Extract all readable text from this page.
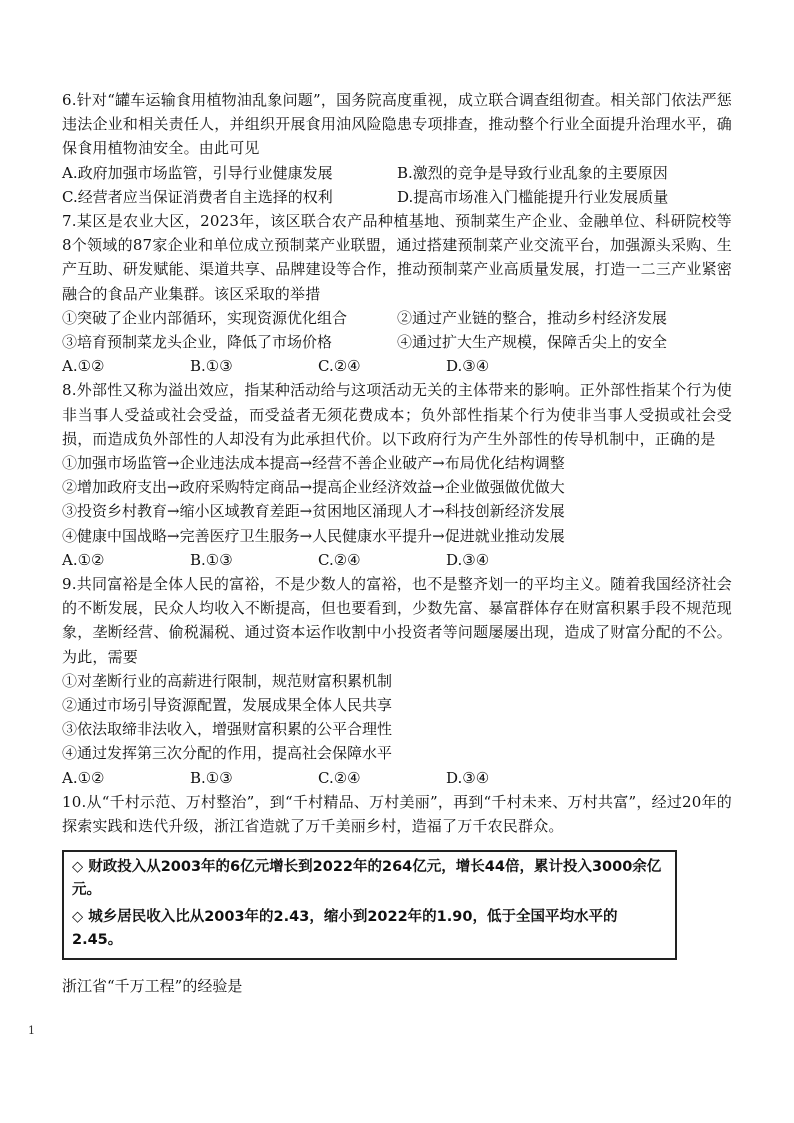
6.针对“罐车运输食用植物油乱象问题”，国务院高度重视，成立联合调查组彻查。相关部门依法严惩违法企业和相关责任人，并组织开展食用油风险隐患专项排查，推动整个行业全面提升治理水平，确保食用植物油安全。由此可见

A.政府加强市场监管，引导行业健康发展	B.激烈的竞争是导致行业乱象的主要原因
C.经营者应当保证消费者自主选择的权利	D.提高市场准入门槛能提升行业发展质量

7.某区是农业大区，2023年，该区联合农产品种植基地、预制菜生产企业、金融单位、科研院校等8个领域的87家企业和单位成立预制菜产业联盟，通过搭建预制菜产业交流平台，加强源头采购、生产互助、研发赋能、渠道共享、品牌建设等合作，推动预制菜产业高质量发展，打造一二三产业紧密融合的食品产业集群。该区采取的举措

①突破了企业内部循环，实现资源优化组合	②通过产业链的整合，推动乡村经济发展
③培育预制菜龙头企业，降低了市场价格	④通过扩大生产规模，保障舌尖上的安全
A.①②	B.①③	C.②④	D.③④

8.外部性又称为溢出效应，指某种活动给与这项活动无关的主体带来的影响。正外部性指某个行为使非当事人受益或社会受益，而受益者无须花费成本；负外部性指某个行为使非当事人受损或社会受损，而造成负外部性的人却没有为此承担代价。以下政府行为产生外部性的传导机制中，正确的是

①加强市场监管→企业违法成本提高→经营不善企业破产→布局优化结构调整

②增加政府支出→政府采购特定商品→提高企业经济效益→企业做强做优做大

③投资乡村教育→缩小区域教育差距→贫困地区涌现人才→科技创新经济发展

④健康中国战略→完善医疗卫生服务→人民健康水平提升→促进就业推动发展

A.①②	B.①③	C.②④	D.③④

9.共同富裕是全体人民的富裕，不是少数人的富裕，也不是整齐划一的平均主义。随着我国经济社会的不断发展，民众人均收入不断提高，但也要看到，少数先富、暴富群体存在财富积累手段不规范现象，垄断经营、偷税漏税、通过资本运作收割中小投资者等问题屡屡出现，造成了财富分配的不公。为此，需要

①对垄断行业的高薪进行限制，规范财富积累机制

②通过市场引导资源配置，发展成果全体人民共享

③依法取缔非法收入，增强财富积累的公平合理性

④通过发挥第三次分配的作用，提高社会保障水平

A.①②	B.①③	C.②④	D.③④

10.从“千村示范、万村整治”，到“千村精品、万村美丽”，再到“千村未来、万村共富”，经过20年的探索实践和迭代升级，浙江省造就了万千美丽乡村，造福了万千农民群众。

◇ 财政投入从2003年的6亿元增长到2022年的264亿元，增长44倍，累计投入3000余亿元。
◇ 城乡居民收入比从2003年的2.43，缩小到2022年的1.90，低于全国平均水平的2.45。

浙江省“千万工程”的经验是

1
